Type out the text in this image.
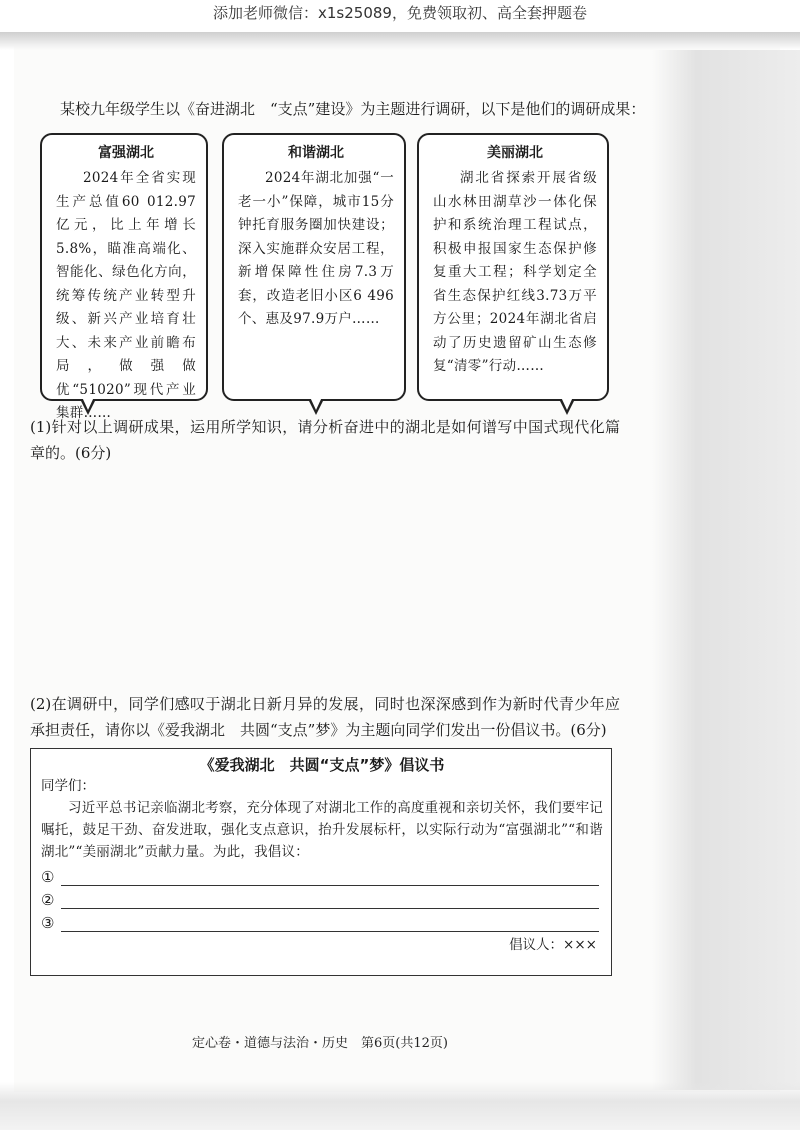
添加老师微信：x1s25089，免费领取初、高全套押题卷
某校九年级学生以《奋进湖北　“支点”建设》为主题进行调研，以下是他们的调研成果：
富强湖北
2024年全省实现生产总值60 012.97亿元，比上年增长5.8%，瞄准高端化、智能化、绿色化方向，统筹传统产业转型升级、新兴产业培育壮大、未来产业前瞻布局，做强做优“51020”现代产业集群……
和谐湖北
2024年湖北加强“一老一小”保障，城市15分钟托育服务圈加快建设；深入实施群众安居工程，新增保障性住房7.3万套，改造老旧小区6 496个、惠及97.9万户……
美丽湖北
湖北省探索开展省级山水林田湖草沙一体化保护和系统治理工程试点，积极申报国家生态保护修复重大工程；科学划定全省生态保护红线3.73万平方公里；2024年湖北省启动了历史遗留矿山生态修复“清零”行动……
(1)针对以上调研成果，运用所学知识，请分析奋进中的湖北是如何谱写中国式现代化篇章的。(6分)
(2)在调研中，同学们感叹于湖北日新月异的发展，同时也深深感到作为新时代青少年应承担责任，请你以《爱我湖北　共圆“支点”梦》为主题向同学们发出一份倡议书。(6分)
《爱我湖北　共圆“支点”梦》倡议书
同学们：
习近平总书记亲临湖北考察，充分体现了对湖北工作的高度重视和亲切关怀，我们要牢记嘱托，鼓足干劲、奋发进取，强化支点意识，抬升发展标杆，以实际行动为“富强湖北”“和谐湖北”“美丽湖北”贡献力量。为此，我倡议：
①
②
③
倡议人：×××
定心卷・道德与法治・历史　第6页(共12页)
